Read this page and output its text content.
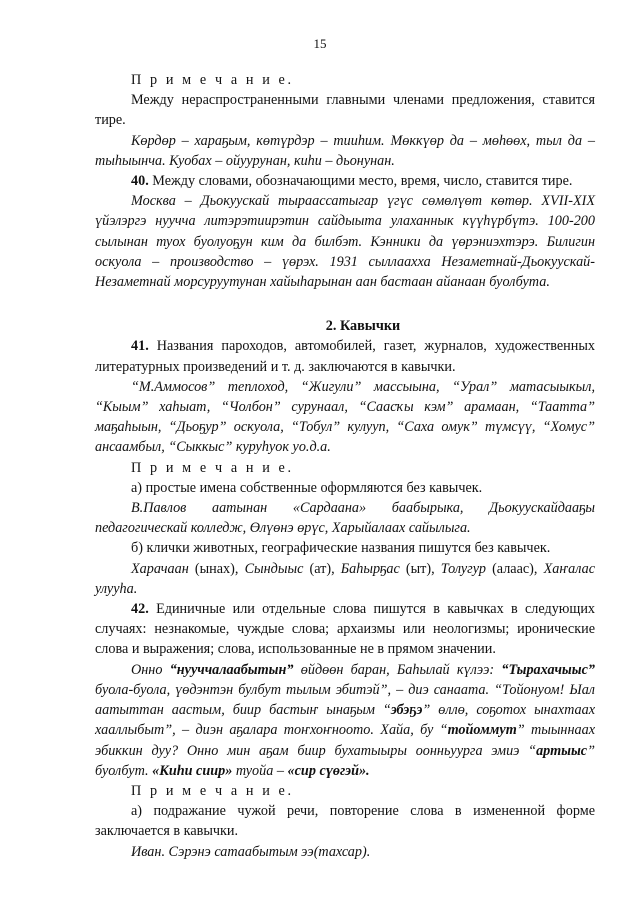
15

П р и м е ч а н и е.

Между нераспространенными главными членами предложения, ставится тире.

Көрдөр – хараҕым, көтүрдэр – тииһим. Мөккүөр да – мөһөөх, тыл да – тыһыынча. Куобах – ойуурунан, киһи – дьонунан.

40. Между словами, обозначающими место, время, число, ставится тире.

Москва – Дьокуускай тыраассатыгар үгүс сөмөлүөт көтөр. XVII-XIX үйэлэргэ нуучча литэрэтиирэтин сайдыыта улаханнык күүһүрбүтэ. 100-200 сылынан туох буолуоҕун ким да билбэт. Кэнники да үөрэниэхтэрэ. Билигин оскуола – производство – үөрэх. 1931 сыллаахха Незаметнай-Дьокуускай-Незаметнай морсуруутунан хайыһарынан аан бастаан айанаан буолбута.

2. Кавычки

41. Названия пароходов, автомобилей, газет, журналов, художественных литературных произведений и т. д. заключаются в кавычки.

“М.Аммосов” тeплоход, “Жигули” массыына, “Урал” матасыыкыл, “Кыым” хаһыат, “Чолбон” сурунаал, “Саасҡы кэм” арамаан, “Таатта” маҕаһыын, “Дьоҕур” оскуола, “Тобул” кулууп, “Саха омук” түмсүү, “Хомус” ансаамбыл, “Сыккыс” куруһуок уо.д.а.

П р и м е ч а н и е.

а) простые имена собственные оформляются без кавычек.

В.Павлов аатынан «Сардаана» баабырыка, Дьокуускайдааҕы педагогическай колледж, Өлүөнэ өрүс, Харыйалаах сайылыга.

б) клички животных, географические названия пишутся без кавычек.

Харачаан (ынах), Сындыыс (ат), Баһырҕас (ыт), Толугур (алаас), Хаҥалас улууһа.

42. Единичные или отдельные слова пишутся в кавычках в следующих случаях: незнакомые, чуждые слова; архаизмы или неологизмы; иронические слова и выражения; слова, использованные не в прямом значении.

Онно “нууччалаабытын” өйдөөн баран, Баһылай күлээ: “Тырахачыыс” буола-буола, үөдэнтэн булбут тылым эбитэй”, – диэ санаата. “Тойонуом! Ыал аатыттан аастым, биир бастыҥ ынаҕым “эбэҕэ” өллө, соҕотох ынахтаах хааллыбыт”, – диэн аҕалара тоҥхоҥноото. Хайа, бу “тойоммут” тыыннаах эбиккин дуу? Онно мин аҕам биир бухатыыры оонньуурга эмиэ “артыыс” буолбут. «Киһи сиир» туойа – «сир сүөгэй».

П р и м е ч а н и е.

а) подражание чужой речи, повторение слова в измененной форме заключается в кавычки.

Иван. Сэрэнэ сатаабытым ээ(тахсар).
